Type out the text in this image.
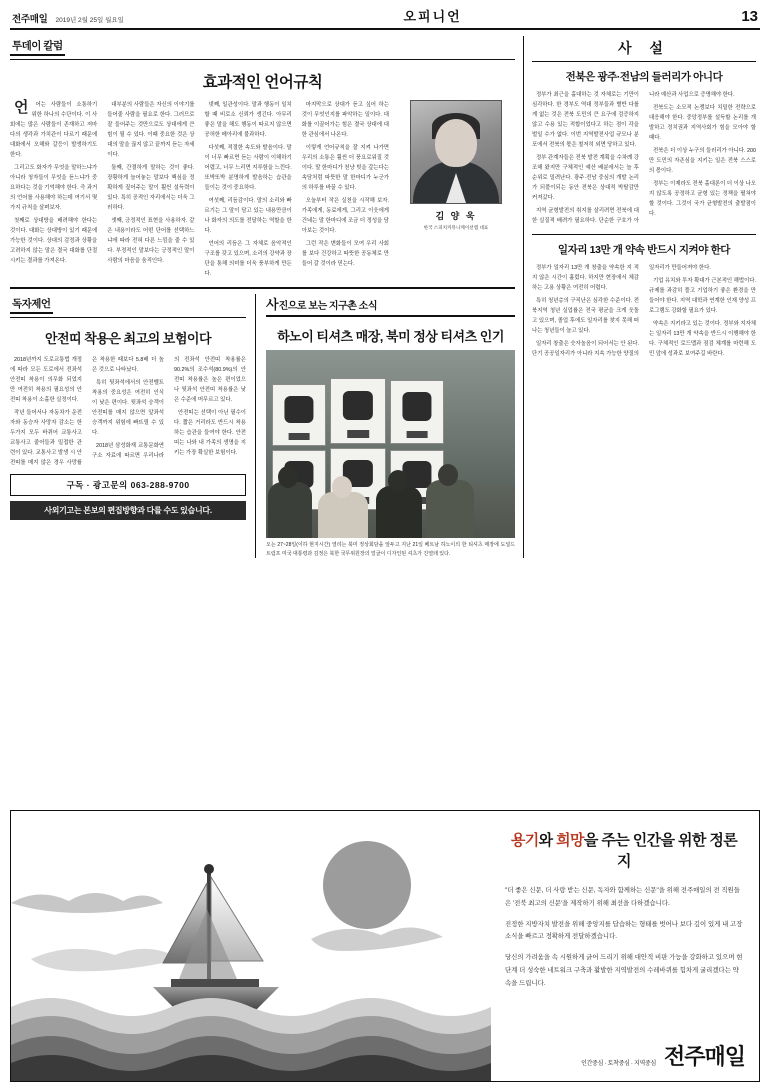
전주매일 2019년 2월 25일 월요일	오피니언	13
투데이 칼럼
효과적인 언어규칙
김 양 욱
한국 스피치커뮤니케이션랩 대표

언어는 사람들이 소통하기 위한 하나의 수단이다. 이 사회에는 많은 사람들이 존재하고 저마다의 생각과 가치관이 다르기 때문에 대화에서 오해와 갈등이 발생하기도 한다.

그리고도 화자가 무엇을 말하느냐가 아니라 청자들이 무엇을 듣느냐가 중요하다는 것을 기억해야 한다. 즉 과거의 언어를 사용해야 하는데 여기서 몇 가지 규칙을 살펴보자.

첫째로 상대방을 배려해야 한다는 것이다. 대화는 상대방이 있기 때문에 가능한 것이다. 상대의 감정과 상황을 고려하지 않는 말은 결국 대화를 단절시키는 결과를 가져온다.

대부분의 사람들은 자신의 이야기를 들어줄 사람을 필요로 한다. 그러므로 잘 들어주는 것만으로도 상대에게 큰 힘이 될 수 있다. 이때 중요한 것은 상대의 말을 끊지 않고 끝까지 듣는 자세이다.

둘째, 간결하게 말하는 것이 좋다. 장황하게 늘어놓는 말보다 핵심을 정확하게 짚어주는 말이 훨씬 설득력이 있다. 특히 공적인 자리에서는 더욱 그러하다.

셋째, 긍정적인 표현을 사용하자. 같은 내용이라도 어떤 단어를 선택하느냐에 따라 전혀 다른 느낌을 줄 수 있다. 부정적인 말보다는 긍정적인 말이 사람의 마음을 움직인다.

넷째, 일관성이다. 말과 행동이 일치할 때 비로소 신뢰가 생긴다. 아무리 좋은 말을 해도 행동이 따르지 않으면 공허한 메아리에 불과하다.

다섯째, 적절한 속도와 발음이다. 말이 너무 빠르면 듣는 사람이 이해하기 어렵고, 너무 느리면 지루함을 느낀다. 또박또박 분명하게 발음하는 습관을 들이는 것이 중요하다.

여섯째, 리듬감이다. 말의 소리와 빠르기는 그 말이 담고 있는 내용만큼이나 화자의 의도를 전달하는 역할을 한다.

언어의 리듬은 그 자체로 음악적인 구조를 갖고 있으며, 소리의 강약과 장단을 통해 의미를 더욱 풍부하게 만든다.

마지막으로 상대가 듣고 싶어 하는 것이 무엇인지를 파악하는 일이다. 대화를 이끌어가는 힘은 결국 상대에 대한 관심에서 나온다.

이렇게 언어규칙을 잘 지켜 나가면 우리의 소통은 훨씬 더 풍요로워질 것이다. 말 한마디가 천냥 빚을 갚는다는 속담처럼 따뜻한 말 한마디가 누군가의 하루를 바꿀 수 있다.

오늘부터 작은 실천을 시작해 보자. 가족에게, 동료에게, 그리고 이웃에게 건네는 말 한마디에 조금 더 정성을 담아보는 것이다.

그런 작은 변화들이 모여 우리 사회를 보다 건강하고 따뜻한 공동체로 만들어 갈 것이라 믿는다.

독자제언
안전띠 착용은 최고의 보험이다

2018년까지 도로교통법 개정에 따라 모든 도로에서 전좌석 안전띠 착용이 의무화 되었지만 여전히 착용의 필요성의 안전띠 착용이 소홀한 실정이다.

작년 들어서나 자동차가 운전자와 동승자 사망자 감소는 한두가지 모두 바뀌어 교통사고 교통사고 줄어들과 밀접한 관련이 있다. 교통사고 발생 시 안전띠를 매지 않은 경우 사망률은 착용한 때보다 5.8배 더 높은 것으로 나타났다.

특히 뒷좌석에서의 안전벨트 착용의 중요성은 여전히 인식이 낮은 편이다. 뒷좌석 승객이 안전띠를 매지 않으면 앞좌석 승객까지 위험에 빠뜨릴 수 있다.

2018년 삼성화재 교통문화연구소 자료에 따르면 우리나라의 전좌석 안전띠 착용률은 90.2%의 조수석(80.9%)의 안전띠 착용률은 높은 편이었으나 뒷좌석 안전띠 착용률은 낮은 수준에 머무르고 있다.

안전띠는 선택이 아닌 필수이다. 짧은 거리라도 반드시 착용하는 습관을 들여야 한다. 안전띠는 나와 내 가족의 생명을 지키는 가장 확실한 보험이다.

구독 · 광고문의 063-288-9700
사외기고는 본보의 편집방향과 다를 수도 있습니다.
사진으로 보는 지구촌 소식
하노이 티셔츠 매장, 북미 정상 티셔츠 인기
오는 27~28일(이하 현지시간) 열리는 북미 정상회담을 앞두고 지난 21일 베트남 하노이의 한 티셔츠 매장에 도널드 트럼프 미국 대통령과 김정은 북한 국무위원장의 얼굴이 디자인된 셔츠가 진열돼 있다.
사 설
전북은 광주·전남의 들러리가 아니다

정부가 최근을 홀대하는 것 자체로는 기만이 심각하다. 한 경부도 역대 정부들과 별반 다를 게 없는 것은 전북 도민의 큰 요구에 검증하지 않고 수용 있는 적합이었다고 하는 점이 각을 벌일 수가 없다. 이번 지역발전사업 규모나 분포에서 전북의 몫은 철저히 외면 당하고 있다.

정부 관계자들은 전북 발전 계획을 수차례 강조해 왔지만 구체적인 예산 배분에서는 늘 후순위로 밀려난다. 광주·전남 중심의 개발 논리가 되풀이되는 동안 전북은 상대적 박탈감만 커져갔다.

지역 균형발전의 취지를 살리려면 전북에 대한 실질적 배려가 필요하다. 단순한 구호가 아니라 예산과 사업으로 증명해야 한다.

전북도는 소모적 논쟁보다 치밀한 전략으로 대응해야 한다. 중앙정부를 설득할 논리를 개발하고 정치권과 지역사회가 힘을 모아야 할 때다.

전북은 더 이상 누구의 들러리가 아니다. 200만 도민의 자존심을 지키는 일은 전북 스스로의 몫이다.

정부는 이제라도 전북 홀대론이 더 이상 나오지 않도록 공정하고 균형 있는 정책을 펼쳐야 할 것이다. 그것이 국가 균형발전의 출발점이다.

일자리 13만 개 약속 반드시 지켜야 한다

정부가 일자리 13만 개 창출을 약속한 지 적지 않은 시간이 흘렀다. 하지만 현장에서 체감하는 고용 상황은 여전히 어렵다.

특히 청년층의 구직난은 심각한 수준이다. 전북지역 청년 실업률은 전국 평균을 크게 웃돌고 있으며, 졸업 후에도 일자리를 찾지 못해 떠나는 청년들이 늘고 있다.

일자리 창출은 숫자놀음이 되어서는 안 된다. 단기 공공일자리가 아니라 지속 가능한 양질의 일자리가 만들어져야 한다.

기업 유치와 투자 확대가 근본적인 해법이다. 규제를 과감히 풀고 기업하기 좋은 환경을 만들어야 한다. 지역 대학과 연계한 인재 양성 프로그램도 강화할 필요가 있다.

약속은 지키라고 있는 것이다. 정부와 지자체는 일자리 13만 개 약속을 반드시 이행해야 한다. 구체적인 로드맵과 점검 체계를 마련해 도민 앞에 성과로 보여주길 바란다.

용기와 희망을 주는 인간을 위한 정론지

"더 좋은 신문, 더 사랑 받는 신문, 독자와 함께하는 신문"을 위해 전주매일의 전 직원들은 '전북 최고의 신문'을 제작하기 위해 최선을 다하겠습니다.

진정한 지방자치 발전을 위해 중앙지를 답습하는 형태를 벗어나 보다 깊이 있게 내 고장 소식을 빠르고 정확하게 전달하겠습니다.

당신의 가려움을 속 시원하게 긁어 드리기 위해 대안적 비판 가능을 강화하고 있으며 현 단계 더 성숙한 네트워크 구축과 활발한 지역발전의 수레바퀴를 힘차게 굴리겠다는 약속을 드립니다.

인간중심 · 토착중심 · 지역중심 전주매일
